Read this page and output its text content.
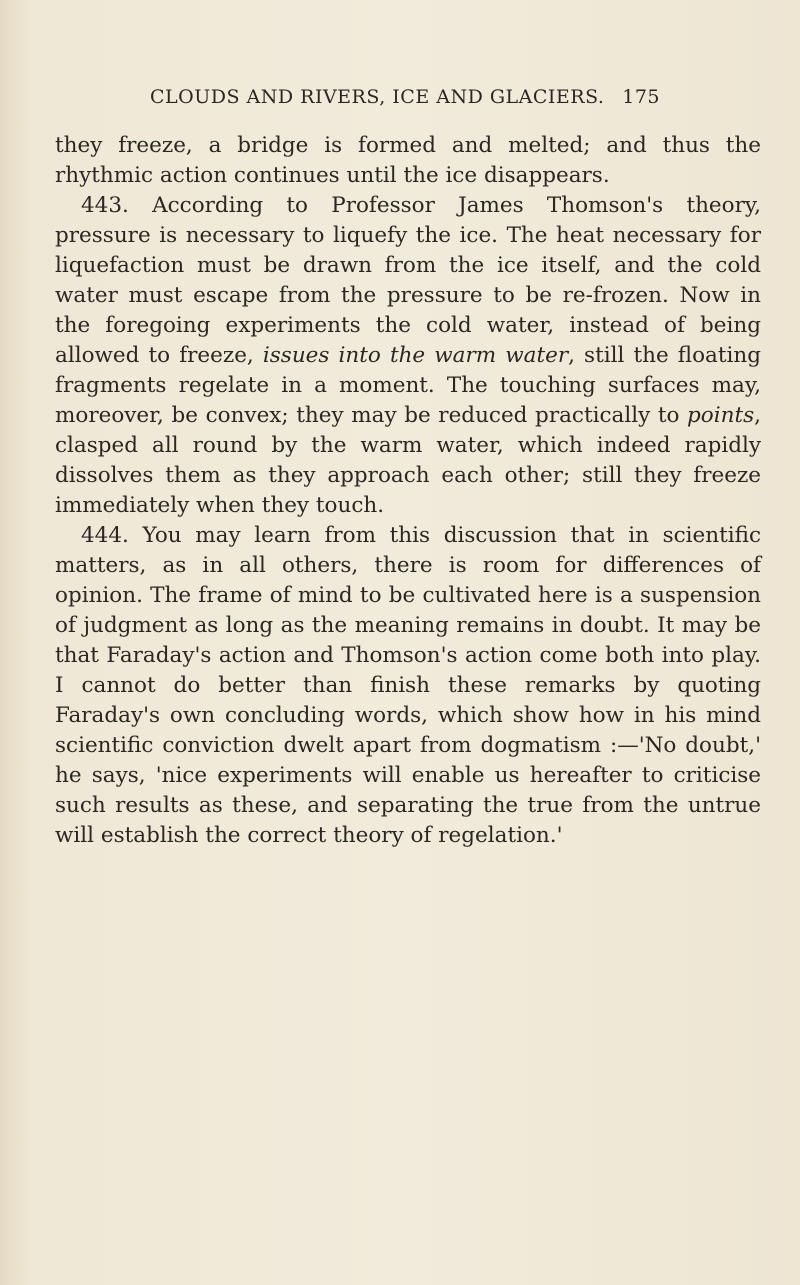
CLOUDS AND RIVERS, ICE AND GLACIERS. 175

they freeze, a bridge is formed and melted; and thus the rhythmic action continues until the ice disappears.

443. According to Professor James Thomson's theory, pressure is necessary to liquefy the ice. The heat necessary for liquefaction must be drawn from the ice itself, and the cold water must escape from the pressure to be re-frozen. Now in the foregoing experiments the cold water, instead of being allowed to freeze, issues into the warm water, still the floating fragments regelate in a moment. The touching surfaces may, moreover, be convex; they may be reduced practically to points, clasped all round by the warm water, which indeed rapidly dissolves them as they approach each other; still they freeze immediately when they touch.

444. You may learn from this discussion that in scientific matters, as in all others, there is room for differences of opinion. The frame of mind to be cultivated here is a suspension of judgment as long as the meaning remains in doubt. It may be that Faraday's action and Thomson's action come both into play. I cannot do better than finish these remarks by quoting Faraday's own concluding words, which show how in his mind scientific conviction dwelt apart from dogmatism :—'No doubt,' he says, 'nice experiments will enable us hereafter to criticise such results as these, and separating the true from the untrue will establish the correct theory of regelation.'
